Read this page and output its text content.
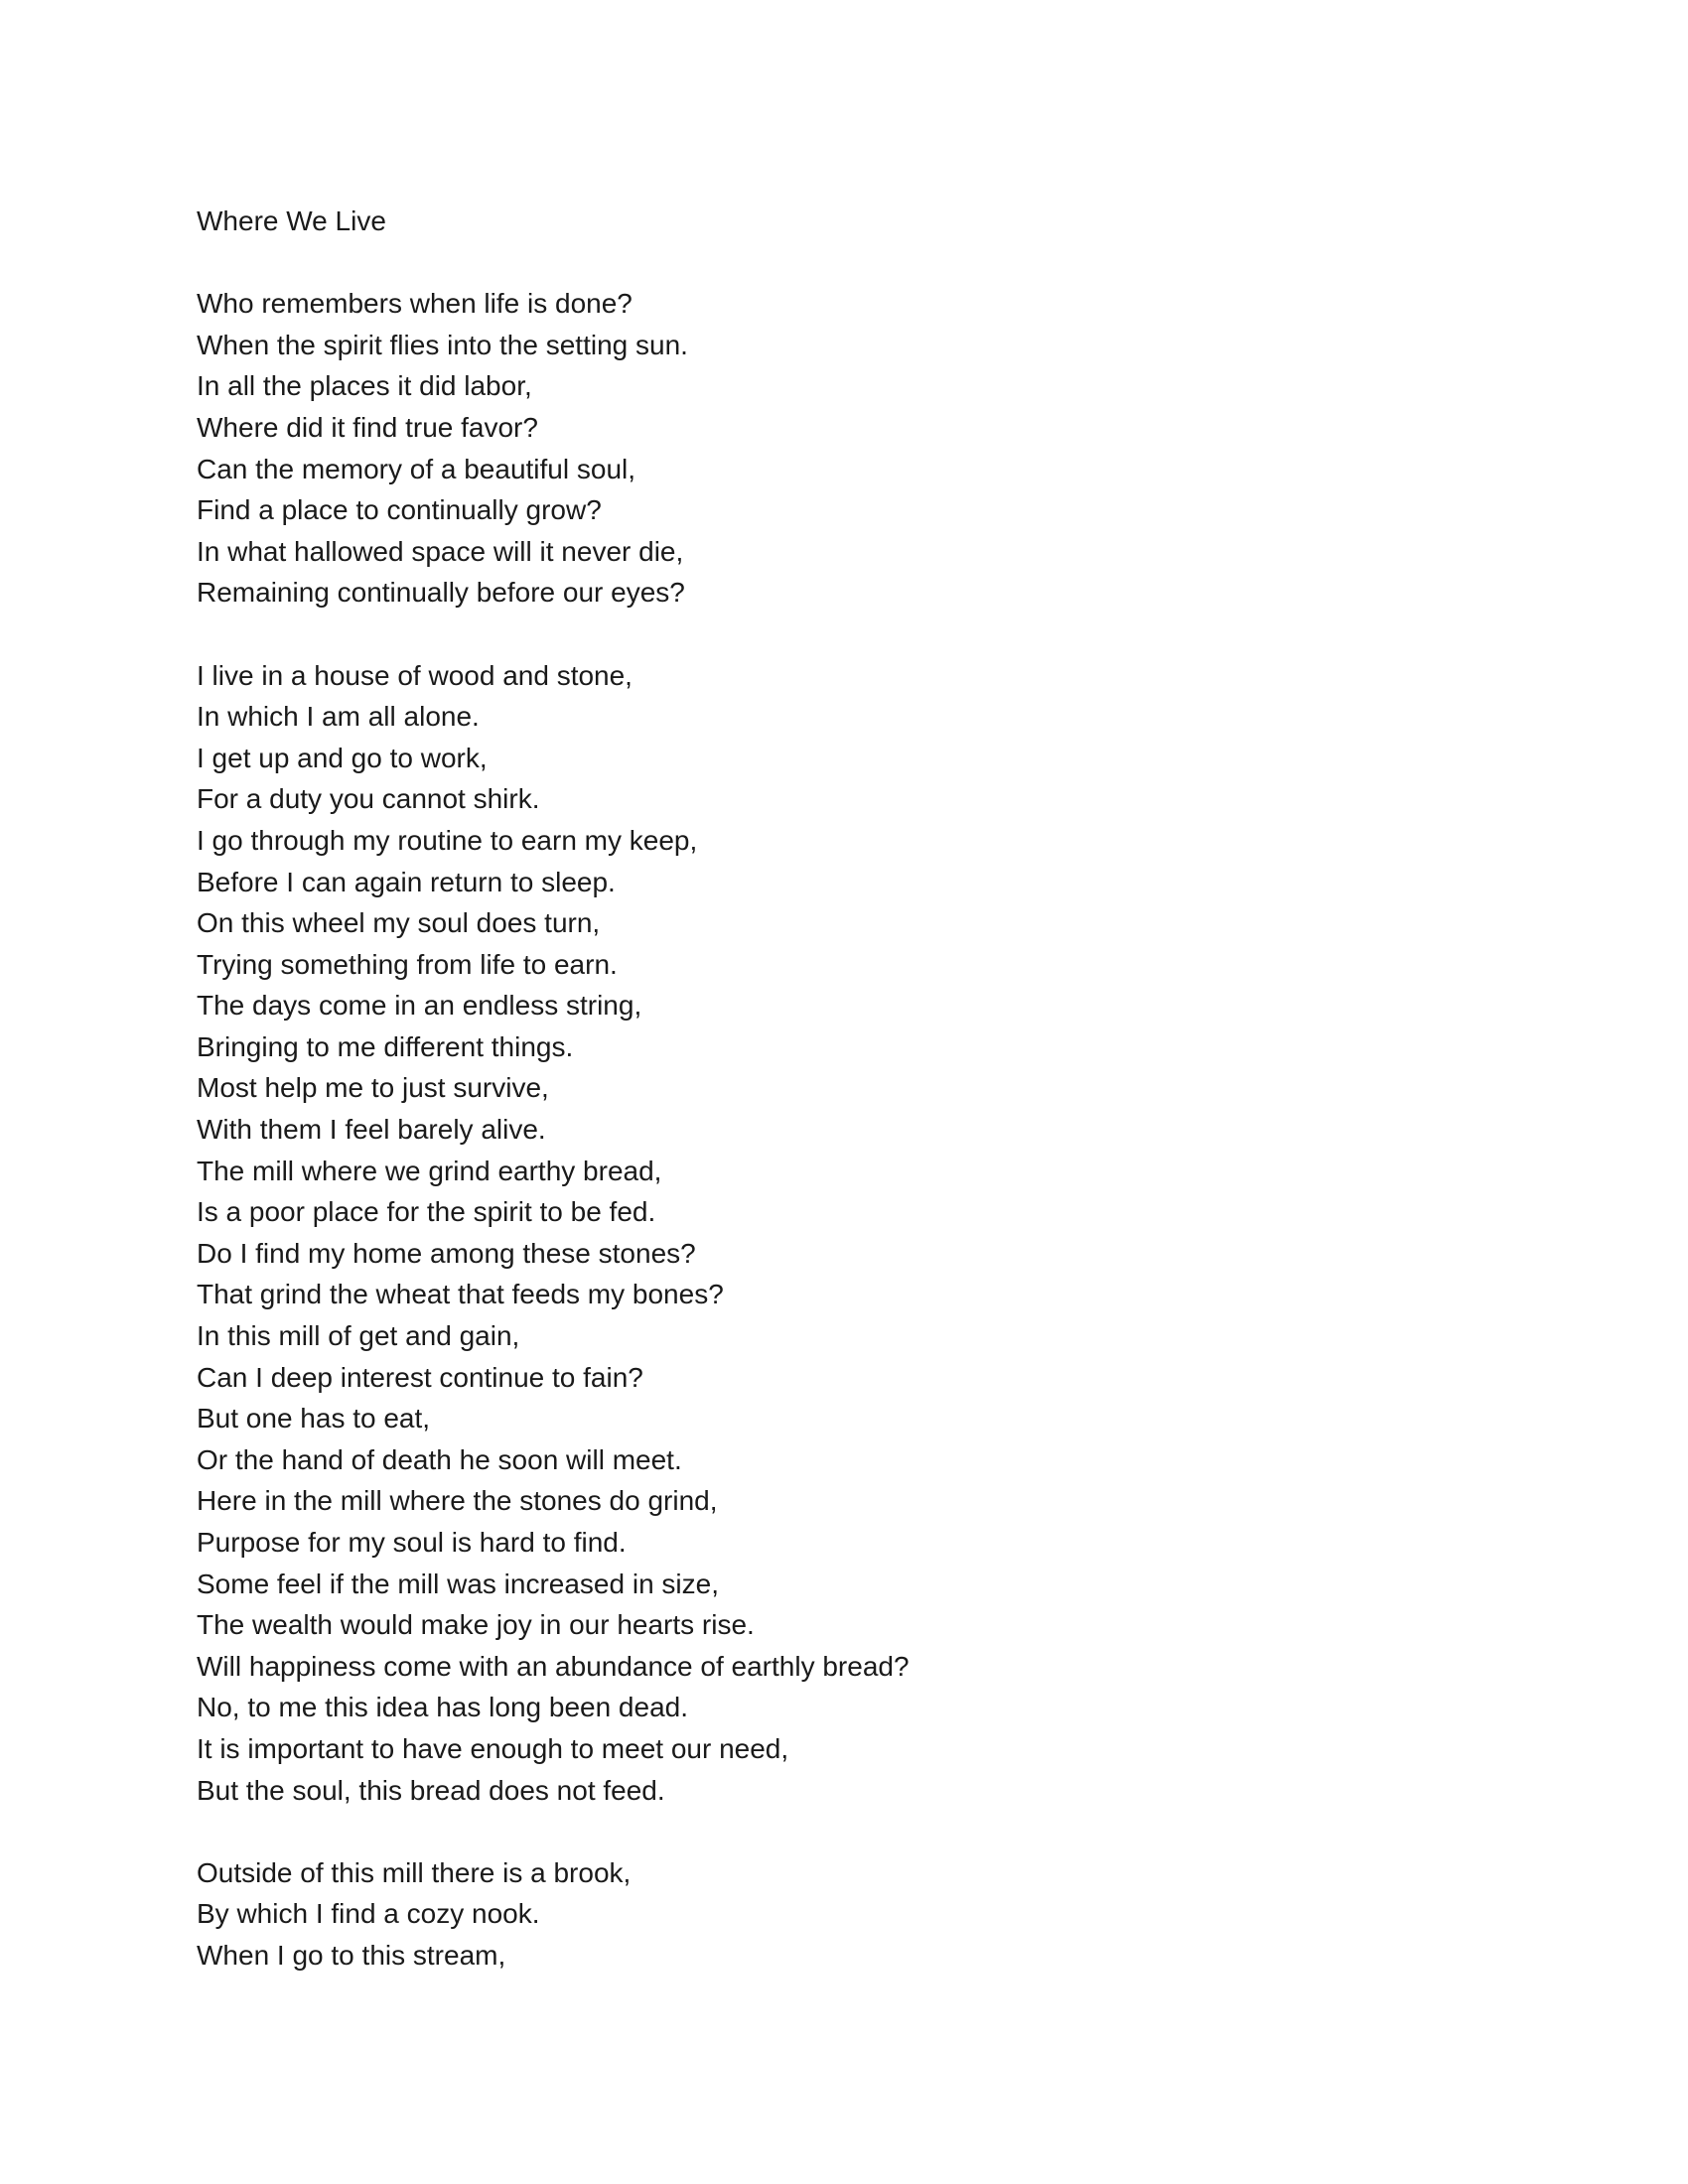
Where We Live
Who remembers when life is done?
When the spirit flies into the setting sun.
In all the places it did labor,
Where did it find true favor?
Can the memory of a beautiful soul,
Find a place to continually grow?
In what hallowed space will it never die,
Remaining continually before our eyes?
I live in a house of wood and stone,
In which I am all alone.
I get up and go to work,
For a duty you cannot shirk.
I go through my routine to earn my keep,
Before I can again return to sleep.
On this wheel my soul does turn,
Trying something from life to earn.
The days come in an endless string,
Bringing to me different things.
Most help me to just survive,
With them I feel barely alive.
The mill where we grind earthy bread,
Is a poor place for the spirit to be fed.
Do I find my home among these stones?
That grind the wheat that feeds my bones?
In this mill of get and gain,
Can I deep interest continue to fain?
But one has to eat,
Or the hand of death he soon will meet.
Here in the mill where the stones do grind,
Purpose for my soul is hard to find.
Some feel if the mill was increased in size,
The wealth would make joy in our hearts rise.
Will happiness come with an abundance of earthly bread?
No, to me this idea has long been dead.
It is important to have enough to meet our need,
But the soul, this bread does not feed.
Outside of this mill there is a brook,
By which I find a cozy nook.
When I go to this stream,
